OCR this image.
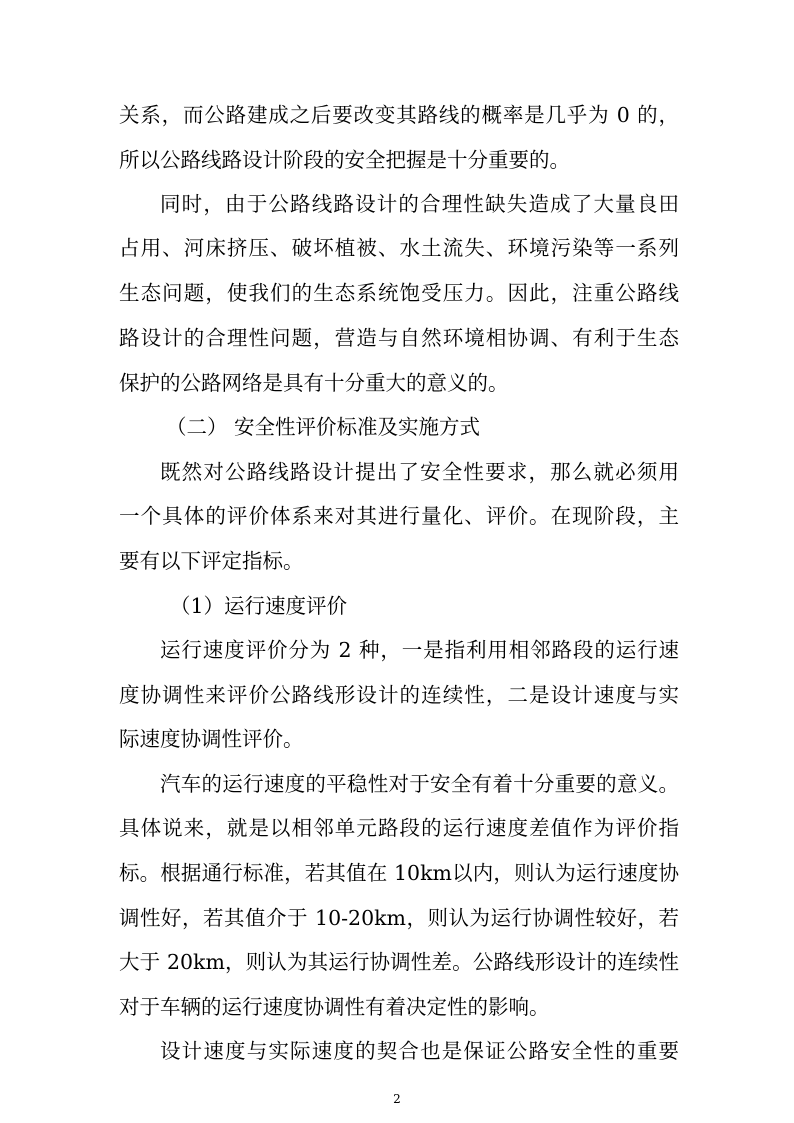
关系，而公路建成之后要改变其路线的概率是几乎为 0 的，
所以公路线路设计阶段的安全把握是十分重要的。
同时，由于公路线路设计的合理性缺失造成了大量良田
占用、河床挤压、破坏植被、水土流失、环境污染等一系列
生态问题，使我们的生态系统饱受压力。因此，注重公路线
路设计的合理性问题，营造与自然环境相协调、有利于生态
保护的公路网络是具有十分重大的意义的。
（二） 安全性评价标准及实施方式
既然对公路线路设计提出了安全性要求，那么就必须用
一个具体的评价体系来对其进行量化、评价。在现阶段，主
要有以下评定指标。
（1）运行速度评价
运行速度评价分为 2 种，一是指利用相邻路段的运行速
度协调性来评价公路线形设计的连续性，二是设计速度与实
际速度协调性评价。
汽车的运行速度的平稳性对于安全有着十分重要的意义。
具体说来，就是以相邻单元路段的运行速度差值作为评价指
标。根据通行标准，若其值在 10km以内，则认为运行速度协
调性好，若其值介于 10-20km，则认为运行协调性较好，若
大于 20km，则认为其运行协调性差。公路线形设计的连续性
对于车辆的运行速度协调性有着决定性的影响。
设计速度与实际速度的契合也是保证公路安全性的重要
2
